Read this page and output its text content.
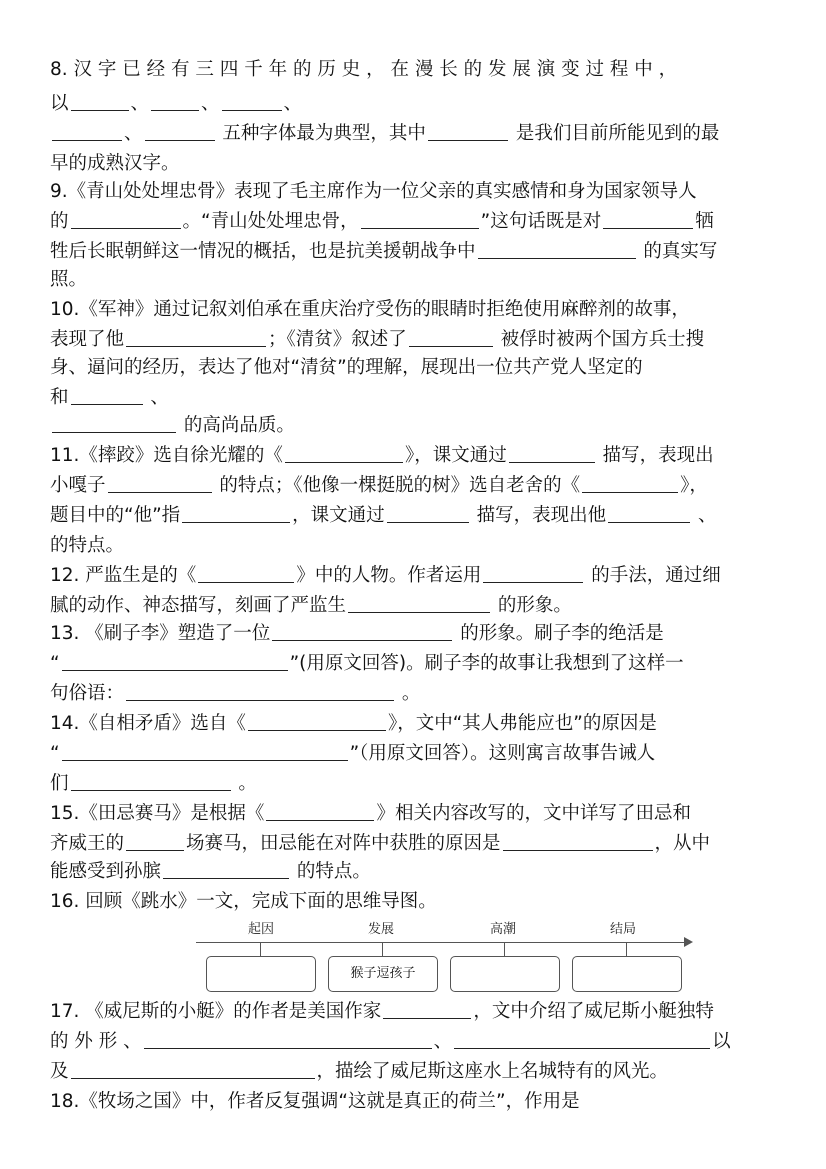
8. 汉 字 已 经 有 三 四 千 年 的 历 史 ， 在 漫 长 的 发 展 演 变 过 程 中 ，
以	、	、	、
、	五种字体最为典型，其中	是我们目前所能见到的最
早的成熟汉字。
9.《青山处处埋忠骨》表现了毛主席作为一位父亲的真实感情和身为国家领导人
的	。“青山处处埋忠骨，	”这句话既是对	牺
牲后长眠朝鲜这一情况的概括，也是抗美援朝战争中	的真实写
照。
10.《军神》通过记叙刘伯承在重庆治疗受伤的眼睛时拒绝使用麻醉剂的故事，
表现了他	；《清贫》叙述了	被俘时被两个国方兵士搜
身、逼问的经历，表达了他对“清贫”的理解，展现出一位共产党人坚定的
和	、
的高尚品质。
11.《摔跤》选自徐光耀的《	》，课文通过	描写，表现出
小嘎子	的特点；《他像一棵挺脱的树》选自老舍的《	》，
题目中的“他”指	，课文通过	描写，表现出他	、
的特点。
12. 严监生是的《	》中的人物。作者运用	的手法，通过细
腻的动作、神态描写，刻画了严监生	的形象。
13. 《刷子李》塑造了一位	的形象。刷子李的绝活是
“	”(用原文回答)。刷子李的故事让我想到了这样一
句俗语：	。
14.《自相矛盾》选自《	》，文中“其人弗能应也”的原因是
“	”（用原文回答）。这则寓言故事告诫人
们	。
15.《田忌赛马》是根据《	》相关内容改写的，文中详写了田忌和
齐威王的	场赛马，田忌能在对阵中获胜的原因是	，从中
能感受到孙膑	的特点。
16. 回顾《跳水》一文，完成下面的思维导图。
起因	发展	高潮	结局
猴子逗孩子
17. 《威尼斯的小艇》的作者是美国作家	，文中介绍了威尼斯小艇独特
的 外 形 、	、	以
及	，描绘了威尼斯这座水上名城特有的风光。
18.《牧场之国》中，作者反复强调“这就是真正的荷兰”，作用是
